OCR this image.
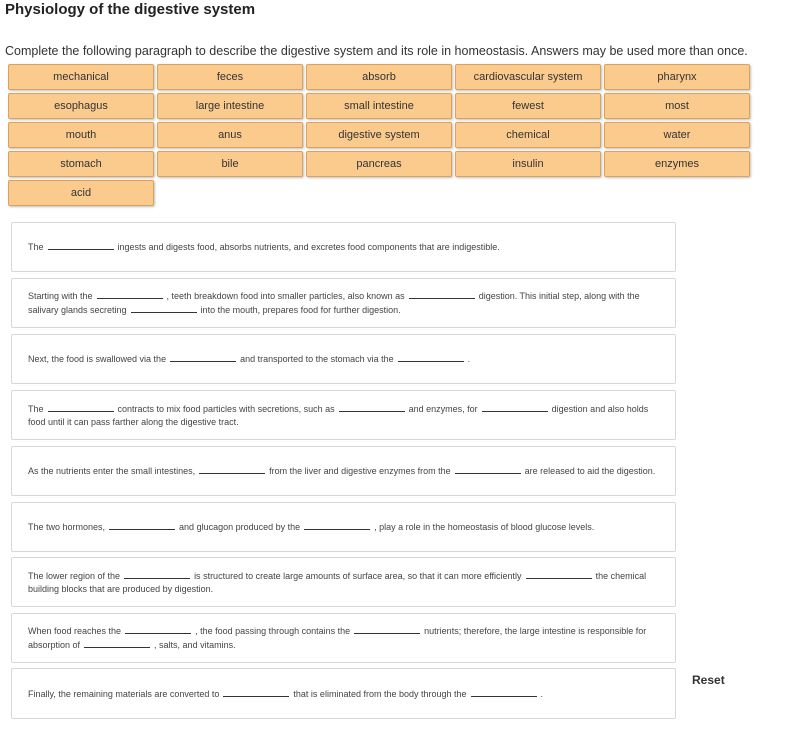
Physiology of the digestive system
Complete the following paragraph to describe the digestive system and its role in homeostasis. Answers may be used more than once.
mechanical	feces	absorb	cardiovascular system	pharynx
esophagus	large intestine	small intestine	fewest	most
mouth	anus	digestive system	chemical	water
stomach	bile	pancreas	insulin	enzymes
acid

The	ingests and digests food, absorbs nutrients, and excretes food components that are indigestible.

Starting with the	, teeth breakdown food into smaller particles, also known as	digestion. This initial step, along with the salivary glands secreting	into the mouth, prepares food for further digestion.

Next, the food is swallowed via the	and transported to the stomach via the	.

The	contracts to mix food particles with secretions, such as	and enzymes, for	digestion and also holds food until it can pass farther along the digestive tract.

As the nutrients enter the small intestines,	from the liver and digestive enzymes from the	are released to aid the digestion.

The two hormones,	and glucagon produced by the	, play a role in the homeostasis of blood glucose levels.

The lower region of the	is structured to create large amounts of surface area, so that it can more efficiently	the chemical building blocks that are produced by digestion.

When food reaches the	, the food passing through contains the	nutrients; therefore, the large intestine is responsible for absorption of	, salts, and vitamins.

Finally, the remaining materials are converted to	that is eliminated from the body through the	.

Reset
